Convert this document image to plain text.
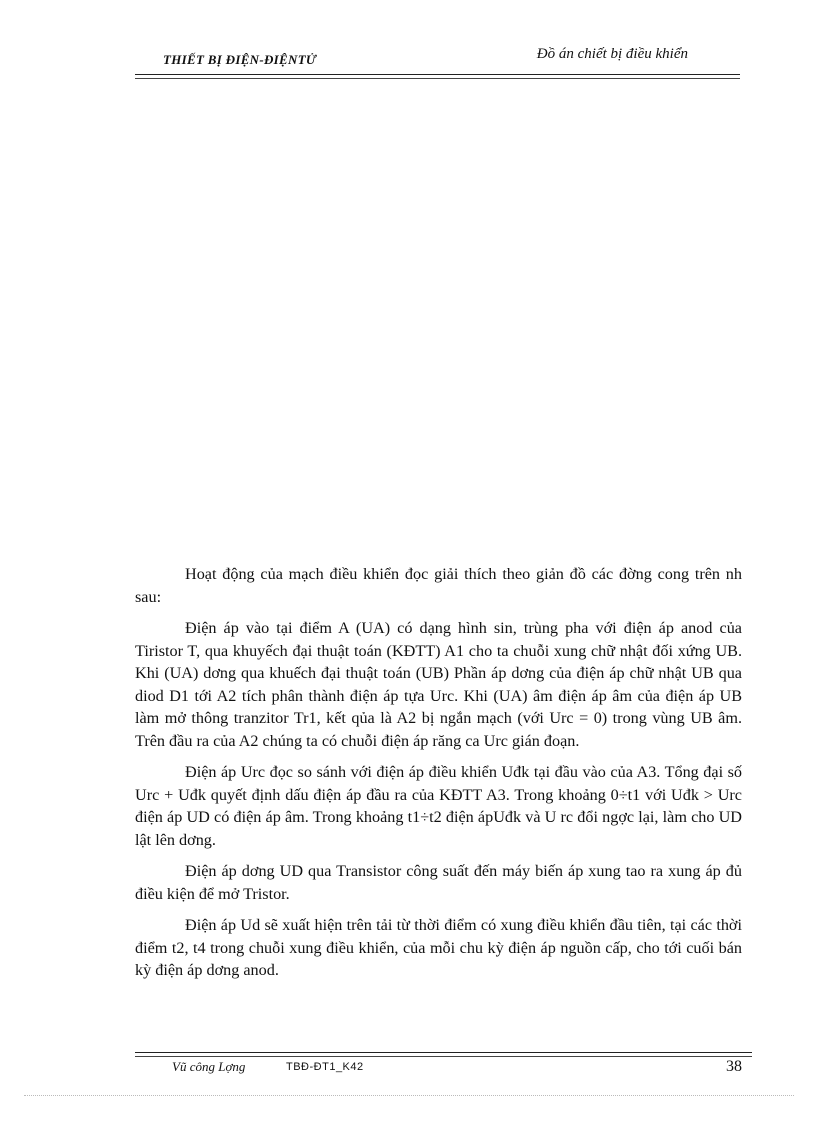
THIẾT BỊ ĐIỆN-ĐIỆNTỬ	Đồ án chiết bị điều khiển

Hoạt động của mạch điều khiển đọc giải thích theo giản đồ các đờng cong trên nh sau:

Điện áp vào tại điểm A (UA) có dạng hình sin, trùng pha với điện áp anod của Tiristor T, qua khuyếch đại thuật toán (KĐTT) A1 cho ta chuỗi xung chữ nhật đối xứng UB. Khi (UA) dơng qua khuếch đại thuật toán (UB) Phần áp dơng của điện áp chữ nhật UB qua diod D1 tới A2 tích phân thành điện áp tựa Urc. Khi (UA) âm điện áp âm của điện áp UB làm mở thông tranzitor Tr1, kết qủa là A2 bị ngắn mạch (với Urc = 0) trong vùng UB âm. Trên đầu ra của A2 chúng ta có chuỗi điện áp răng ca Urc gián đoạn.

Điện áp Urc đọc so sánh với điện áp điều khiển Uđk tại đầu vào của A3. Tổng đại số Urc + Uđk quyết định dấu điện áp đầu ra của KĐTT A3. Trong khoảng 0÷t1 với Uđk > Urc điện áp UD có điện áp âm. Trong khoảng t1÷t2 điện ápUđk và U rc đổi ngợc lại, làm cho UD lật lên dơng.

Điện áp dơng UD qua Transistor công suất đến máy biến áp xung tao ra xung áp đủ điều kiện để mở Tristor.

Điện áp Ud sẽ xuất hiện trên tải từ thời điểm có xung điều khiển đầu tiên, tại các thời điểm t2, t4 trong chuỗi xung điều khiển, của mỗi chu kỳ điện áp nguồn cấp, cho tới cuối bán kỳ điện áp dơng anod.

Vũ công Lợng	TBĐ-ĐT1_K42	38
